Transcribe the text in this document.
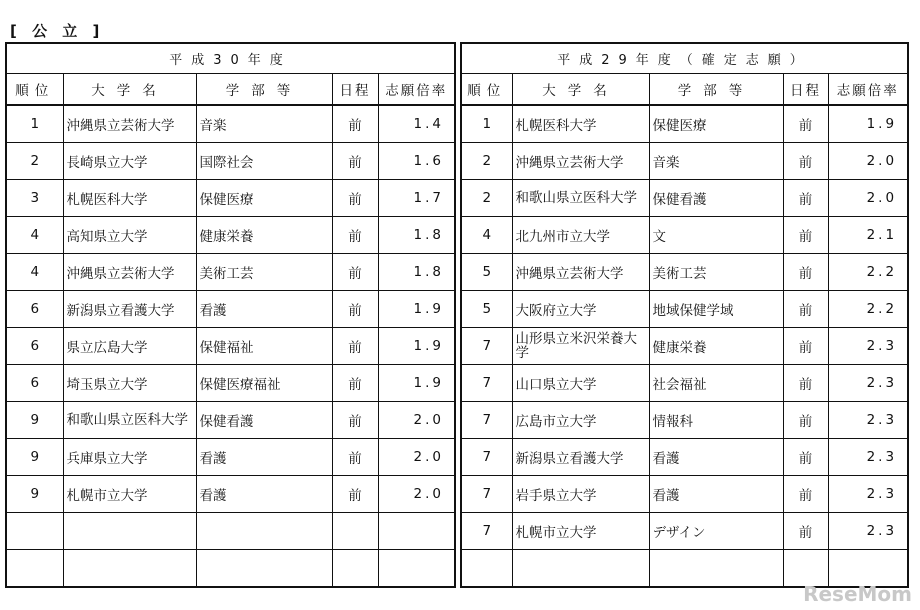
[ 公 立 ]
平成30年度				
順位	大学名	学部等	日程	志願倍率
1	沖縄県立芸術大学	音楽	前	1.4
2	長崎県立大学	国際社会	前	1.6
3	札幌医科大学	保健医療	前	1.7
4	高知県立大学	健康栄養	前	1.8
4	沖縄県立芸術大学	美術工芸	前	1.8
6	新潟県立看護大学	看護	前	1.9
6	県立広島大学	保健福祉	前	1.9
6	埼玉県立大学	保健医療福祉	前	1.9
9	和歌山県立医科大学	保健看護	前	2.0
9	兵庫県立大学	看護	前	2.0
9	札幌市立大学	看護	前	2.0

平成29年度（確定志願）				
順位	大学名	学部等	日程	志願倍率
1	札幌医科大学	保健医療	前	1.9
2	沖縄県立芸術大学	音楽	前	2.0
2	和歌山県立医科大学	保健看護	前	2.0
4	北九州市立大学	文	前	2.1
5	沖縄県立芸術大学	美術工芸	前	2.2
5	大阪府立大学	地域保健学域	前	2.2
7	山形県立米沢栄養大学	健康栄養	前	2.3
7	山口県立大学	社会福祉	前	2.3
7	広島市立大学	情報科	前	2.3
7	新潟県立看護大学	看護	前	2.3
7	岩手県立大学	看護	前	2.3
7	札幌市立大学	デザイン	前	2.3

ReseMom
